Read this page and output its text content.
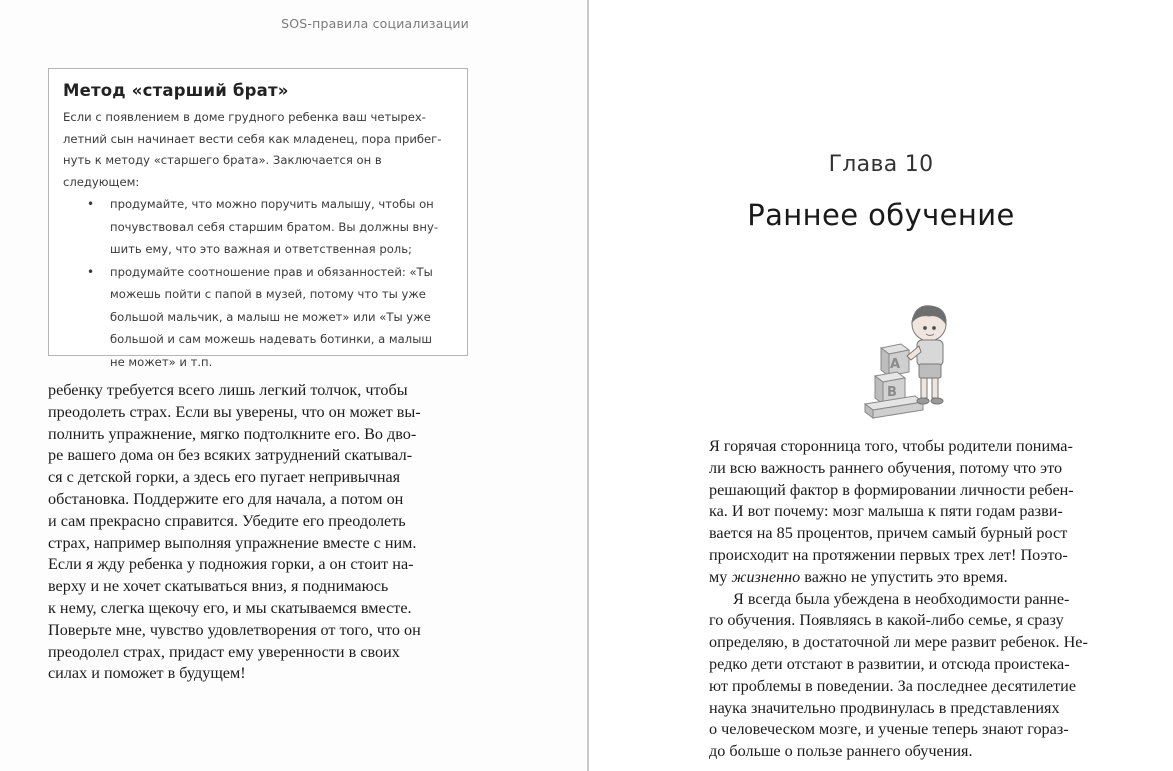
SOS-правила социализации
Метод «старший брат»

Если с появлением в доме грудного ребенка ваш четырех-
летний сын начинает вести себя как младенец, пора прибег-
нуть к методу «старшего брата». Заключается он в следующем:

• продумайте, что можно поручить малышу, чтобы он
почувствовал себя старшим братом. Вы должны вну-
шить ему, что это важная и ответственная роль;
• продумайте соотношение прав и обязанностей: «Ты
можешь пойти с папой в музей, потому что ты уже
большой мальчик, а малыш не может» или «Ты уже
большой и сам можешь надевать ботинки, а малыш
не может» и т.п.

ребенку требуется всего лишь легкий толчок, чтобы
преодолеть страх. Если вы уверены, что он может вы-
полнить упражнение, мягко подтолкните его. Во дво-
ре вашего дома он без всяких затруднений скатывал-
ся с детской горки, а здесь его пугает непривычная
обстановка. Поддержите его для начала, а потом он
и сам прекрасно справится. Убедите его преодолеть
страх, например выполняя упражнение вместе с ним.
Если я жду ребенка у подножия горки, а он стоит на-
верху и не хочет скатываться вниз, я поднимаюсь
к нему, слегка щекочу его, и мы скатываемся вместе.
Поверьте мне, чувство удовлетворения от того, что он
преодолел страх, придаст ему уверенности в своих
силах и поможет в будущем!

Глава 10
Раннее обучение
A
B

Я горячая сторонница того, чтобы родители понима-
ли всю важность раннего обучения, потому что это
решающий фактор в формировании личности ребен-
ка. И вот почему: мозг малыша к пяти годам разви-
вается на 85 процентов, причем самый бурный рост
происходит на протяжении первых трех лет! Поэто-
му жизненно важно не упустить это время.
Я всегда была убеждена в необходимости ранне-
го обучения. Появляясь в какой-либо семье, я сразу
определяю, в достаточной ли мере развит ребенок. Не-
редко дети отстают в развитии, и отсюда проистека-
ют проблемы в поведении. За последнее десятилетие
наука значительно продвинулась в представлениях
о человеческом мозге, и ученые теперь знают гораз-
до больше о пользе раннего обучения.
